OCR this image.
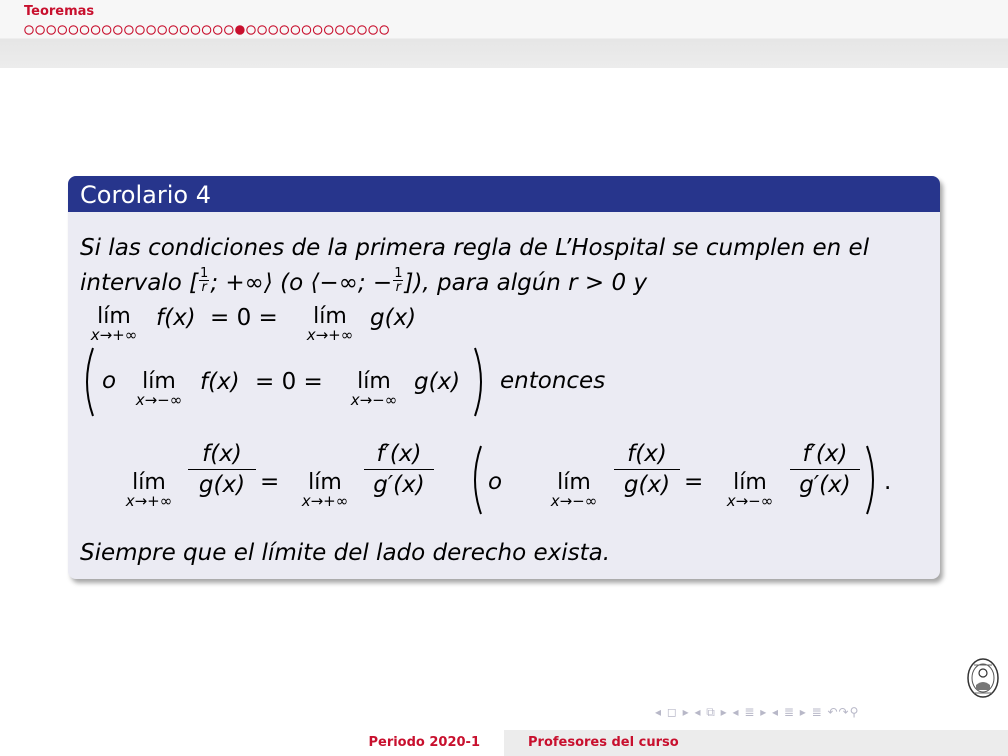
Teoremas
Corolario 4
Si las condiciones de la primera regla de L’Hospital se cumplen en el
intervalo [ $\frac{1}{r}$ ; +∞⟩ (o ⟨−∞; − $\frac{1}{r}$ ]), para algún r > 0 y
lím
x→+∞
f(x) = 0 =	lím
x→+∞
g(x)
o	lím
x→−∞
f(x) = 0 =	lím
x→−∞
g(x) entonces
lím
x→+∞
$\frac{f(x)}{g(x)}$ =	lím
x→+∞
$\frac{f'(x)}{g'(x)}$ o	lím
x→−∞
$\frac{f(x)}{g(x)}$ =	lím
x→−∞
$\frac{f'(x)}{g'(x)}$ .
Siempre que el límite del lado derecho exista.
◂ ◻ ▸ ◂ ⧉ ▸ ◂ ≣ ▸ ◂ ≣ ▸ ≣ ↶↷⚲
Periodo 2020-1	Profesores del curso
